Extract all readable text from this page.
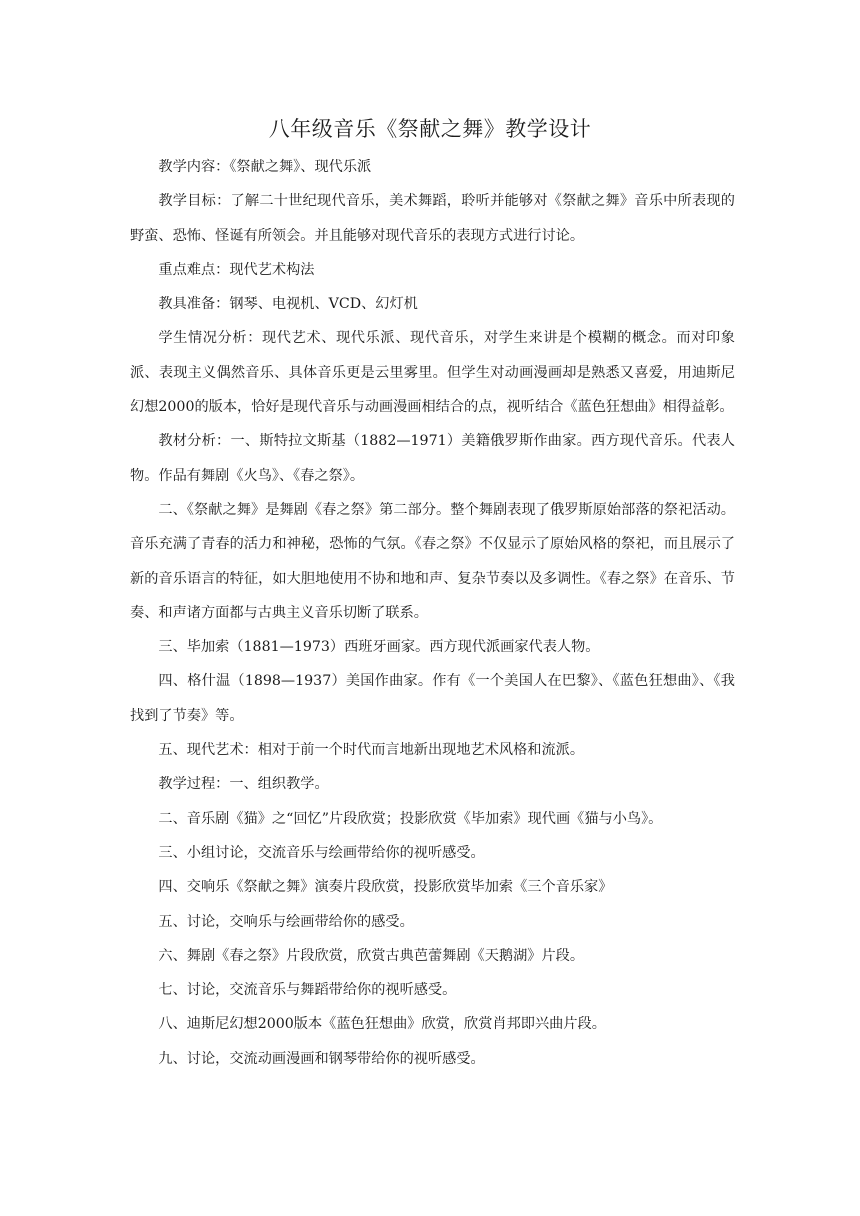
八年级音乐《祭献之舞》教学设计

教学内容：《祭献之舞》、现代乐派

教学目标：了解二十世纪现代音乐，美术舞蹈，聆听并能够对《祭献之舞》音乐中所表现的野蛮、恐怖、怪诞有所领会。并且能够对现代音乐的表现方式进行讨论。

重点难点：现代艺术构法

教具准备：钢琴、电视机、VCD、幻灯机

学生情况分析：现代艺术、现代乐派、现代音乐，对学生来讲是个模糊的概念。而对印象派、表现主义偶然音乐、具体音乐更是云里雾里。但学生对动画漫画却是熟悉又喜爱，用迪斯尼幻想2000的版本，恰好是现代音乐与动画漫画相结合的点，视听结合《蓝色狂想曲》相得益彰。

教材分析：一、斯特拉文斯基（1882—1971）美籍俄罗斯作曲家。西方现代音乐。代表人物。作品有舞剧《火鸟》、《春之祭》。

二、《祭献之舞》是舞剧《春之祭》第二部分。整个舞剧表现了俄罗斯原始部落的祭祀活动。音乐充满了青春的活力和神秘，恐怖的气氛。《春之祭》不仅显示了原始风格的祭祀，而且展示了新的音乐语言的特征，如大胆地使用不协和地和声、复杂节奏以及多调性。《春之祭》在音乐、节奏、和声诸方面都与古典主义音乐切断了联系。

三、毕加索（1881—1973）西班牙画家。西方现代派画家代表人物。

四、格什温（1898—1937）美国作曲家。作有《一个美国人在巴黎》、《蓝色狂想曲》、《我找到了节奏》等。

五、现代艺术：相对于前一个时代而言地新出现地艺术风格和流派。

教学过程：一、组织教学。

二、音乐剧《猫》之“回忆”片段欣赏；投影欣赏《毕加索》现代画《猫与小鸟》。

三、小组讨论，交流音乐与绘画带给你的视听感受。

四、交响乐《祭献之舞》演奏片段欣赏，投影欣赏毕加索《三个音乐家》

五、讨论，交响乐与绘画带给你的感受。

六、舞剧《春之祭》片段欣赏，欣赏古典芭蕾舞剧《天鹅湖》片段。

七、讨论，交流音乐与舞蹈带给你的视听感受。

八、迪斯尼幻想2000版本《蓝色狂想曲》欣赏，欣赏肖邦即兴曲片段。

九、讨论，交流动画漫画和钢琴带给你的视听感受。
